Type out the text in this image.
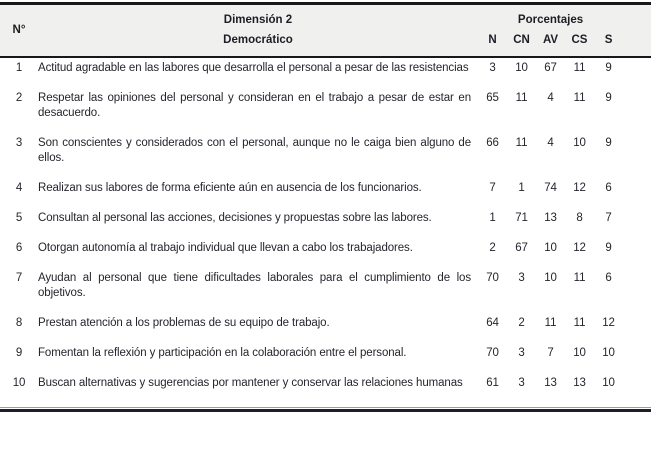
N°	Dimensión 2	Porcentajes					
	Democrático	N	CN	AV	CS	S	
1	Actitud agradable en las labores que desarrolla el personal a pesar de las resistencias	3	10	67	11	9	
2	Respetar las opiniones del personal y consideran en el trabajo a pesar de estar en desacuerdo.	65	11	4	11	9	
3	Son conscientes y considerados con el personal, aunque no le caiga bien alguno de ellos.	66	11	4	10	9	
4	Realizan sus labores de forma eficiente aún en ausencia de los funcionarios.	7	1	74	12	6	
5	Consultan al personal las acciones, decisiones y propuestas sobre las labores.	1	71	13	8	7	
6	Otorgan autonomía al trabajo individual que llevan a cabo los trabajadores.	2	67	10	12	9	
7	Ayudan al personal que tiene dificultades laborales para el cumplimiento de los objetivos.	70	3	10	11	6	
8	Prestan atención a los problemas de su equipo de trabajo.	64	2	11	11	12	
9	Fomentan la reflexión y participación en la colaboración entre el personal.	70	3	7	10	10	
10	Buscan alternativas y sugerencias por mantener y conservar las relaciones humanas	61	3	13	13	10	
